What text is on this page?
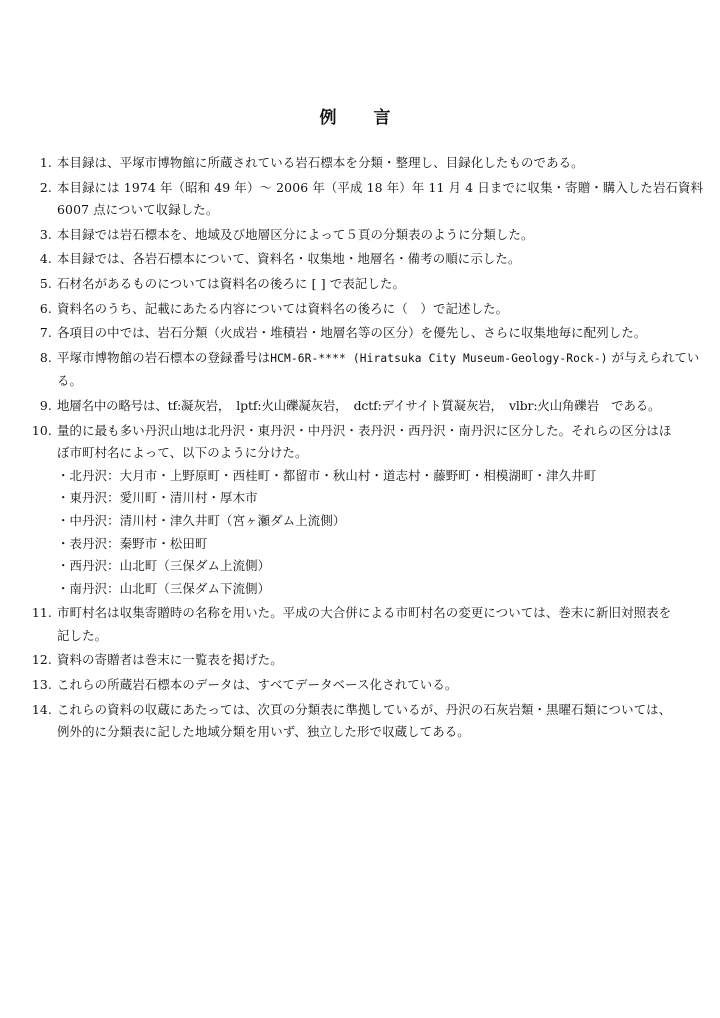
例　言
1. 本目録は、平塚市博物館に所蔵されている岩石標本を分類・整理し、目録化したものである。
2. 本目録には 1974 年（昭和 49 年）〜 2006 年（平成 18 年）年 11 月 4 日までに収集・寄贈・購入した岩石資料
6007 点について収録した。
3. 本目録では岩石標本を、地域及び地層区分によって５頁の分類表のように分類した。
4. 本目録では、各岩石標本について、資料名・収集地・地層名・備考の順に示した。
5. 石材名があるものについては資料名の後ろに [ ] で表記した。
6. 資料名のうち、記載にあたる内容については資料名の後ろに（　）で記述した。
7. 各項目の中では、岩石分類（火成岩・堆積岩・地層名等の区分）を優先し、さらに収集地毎に配列した。
8. 平塚市博物館の岩石標本の登録番号はHCM-6R-**** (Hiratsuka City Museum-Geology-Rock-) が与えられてい
る。
9. 地層名中の略号は、tf:凝灰岩，　lptf:火山礫凝灰岩，　dctf:デイサイト質凝灰岩，　vlbr:火山角礫岩　である。
10. 量的に最も多い丹沢山地は北丹沢・東丹沢・中丹沢・表丹沢・西丹沢・南丹沢に区分した。それらの区分はほ
ぼ市町村名によって、以下のように分けた。
・北丹沢：大月市・上野原町・西桂町・都留市・秋山村・道志村・藤野町・相模湖町・津久井町
・東丹沢：愛川町・清川村・厚木市
・中丹沢：清川村・津久井町（宮ヶ瀬ダム上流側）
・表丹沢：秦野市・松田町
・西丹沢：山北町（三保ダム上流側）
・南丹沢：山北町（三保ダム下流側）
11. 市町村名は収集寄贈時の名称を用いた。平成の大合併による市町村名の変更については、巻末に新旧対照表を
記した。
12. 資料の寄贈者は巻末に一覧表を掲げた。
13. これらの所蔵岩石標本のデータは、すべてデータベース化されている。
14. これらの資料の収蔵にあたっては、次頁の分類表に準拠しているが、丹沢の石灰岩類・黒曜石類については、
例外的に分類表に記した地域分類を用いず、独立した形で収蔵してある。
